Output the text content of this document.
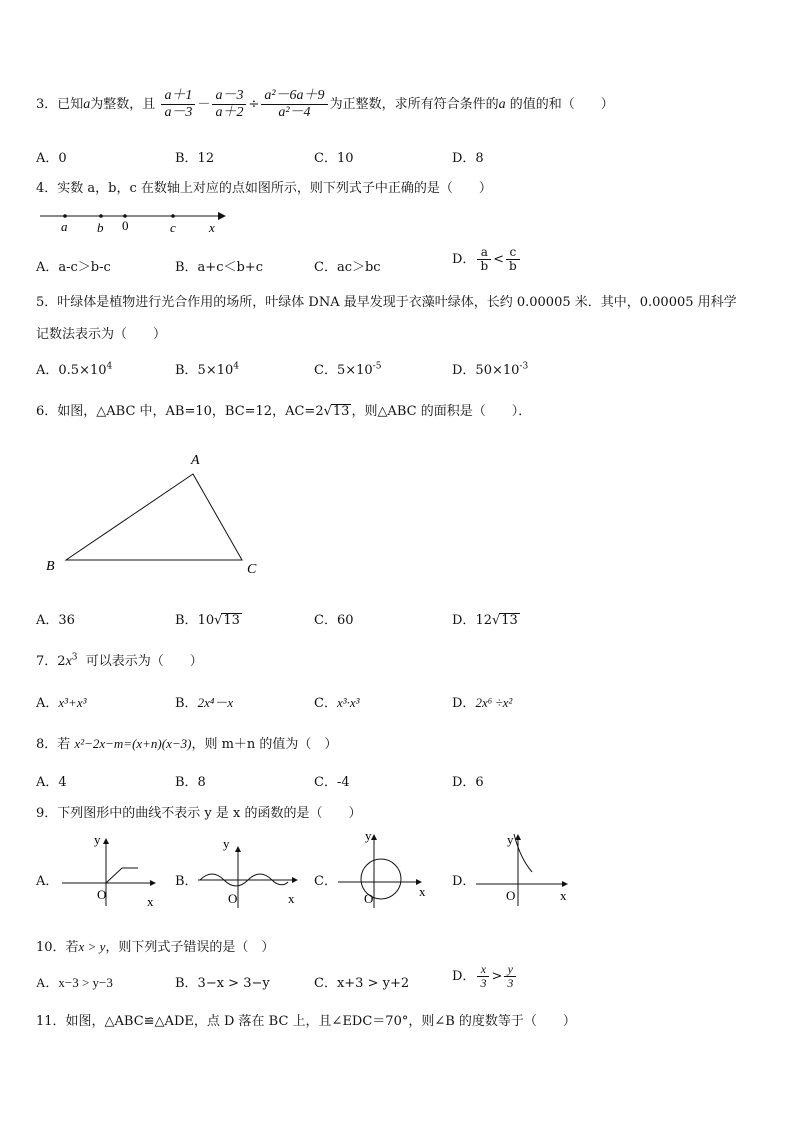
3．已知a为整数，且 $\frac{a+1}{a-3} - \frac{a-3}{a+2} \div \frac{\text{a²－6a＋9}}{\text{a²－4}}$ 为正整数，求所有符合条件的a 的值的和（　　）
A．0	B．12	C．10	D．8
4．实数 a，b，c 在数轴上对应的点如图所示，则下列式子中正确的是（　　）
a b 0	c	x
A．a-c＞b-c	B．a+c＜b+c	C．ac＞bc
D． $\frac{a}{b} < \frac{c}{b}$
5．叶绿体是植物进行光合作用的场所，叶绿体 DNA 最早发现于衣藻叶绿体，长约 0.00005 米．其中，0.00005 用科学
记数法表示为（　　）
A．$0.5\times 10^4$	B．$5\times 10^4$	C．$5\times 10^{-5}$	D．$50\times 10^{-3}$
6．如图，△ABC 中，AB=10，BC=12，AC=2√13 ，则△ABC 的面积是（　　）．
A
B	C
A．36	B．10√13	C．60	D．12√13
7．$2x^3$ 可以表示为（　　）
A．x³+x³	B．2x⁴－x	C．x³·x³	D．2x⁶ ÷x²
8．若 x²−2x−m=(x+n)(x−3)，则 m＋n 的值为（　）
A．4	B．8	C．-4	D．6
9．下列图形中的曲线不表示 y 是 x 的函数的是（　　）
A．
y
O	x
B．
y
O	x
C．
y
O	x
D．
y
O	x
10．若x > y，则下列式子错误的是（　）
A．x−3 > y−3	B．3−x > 3−y	C．x+3 > y+2	D． $\frac{x}{3} > \frac{y}{3}$
11．如图，△ABC≌△ADE，点 D 落在 BC 上，且∠EDC＝70°，则∠B 的度数等于（　　）
